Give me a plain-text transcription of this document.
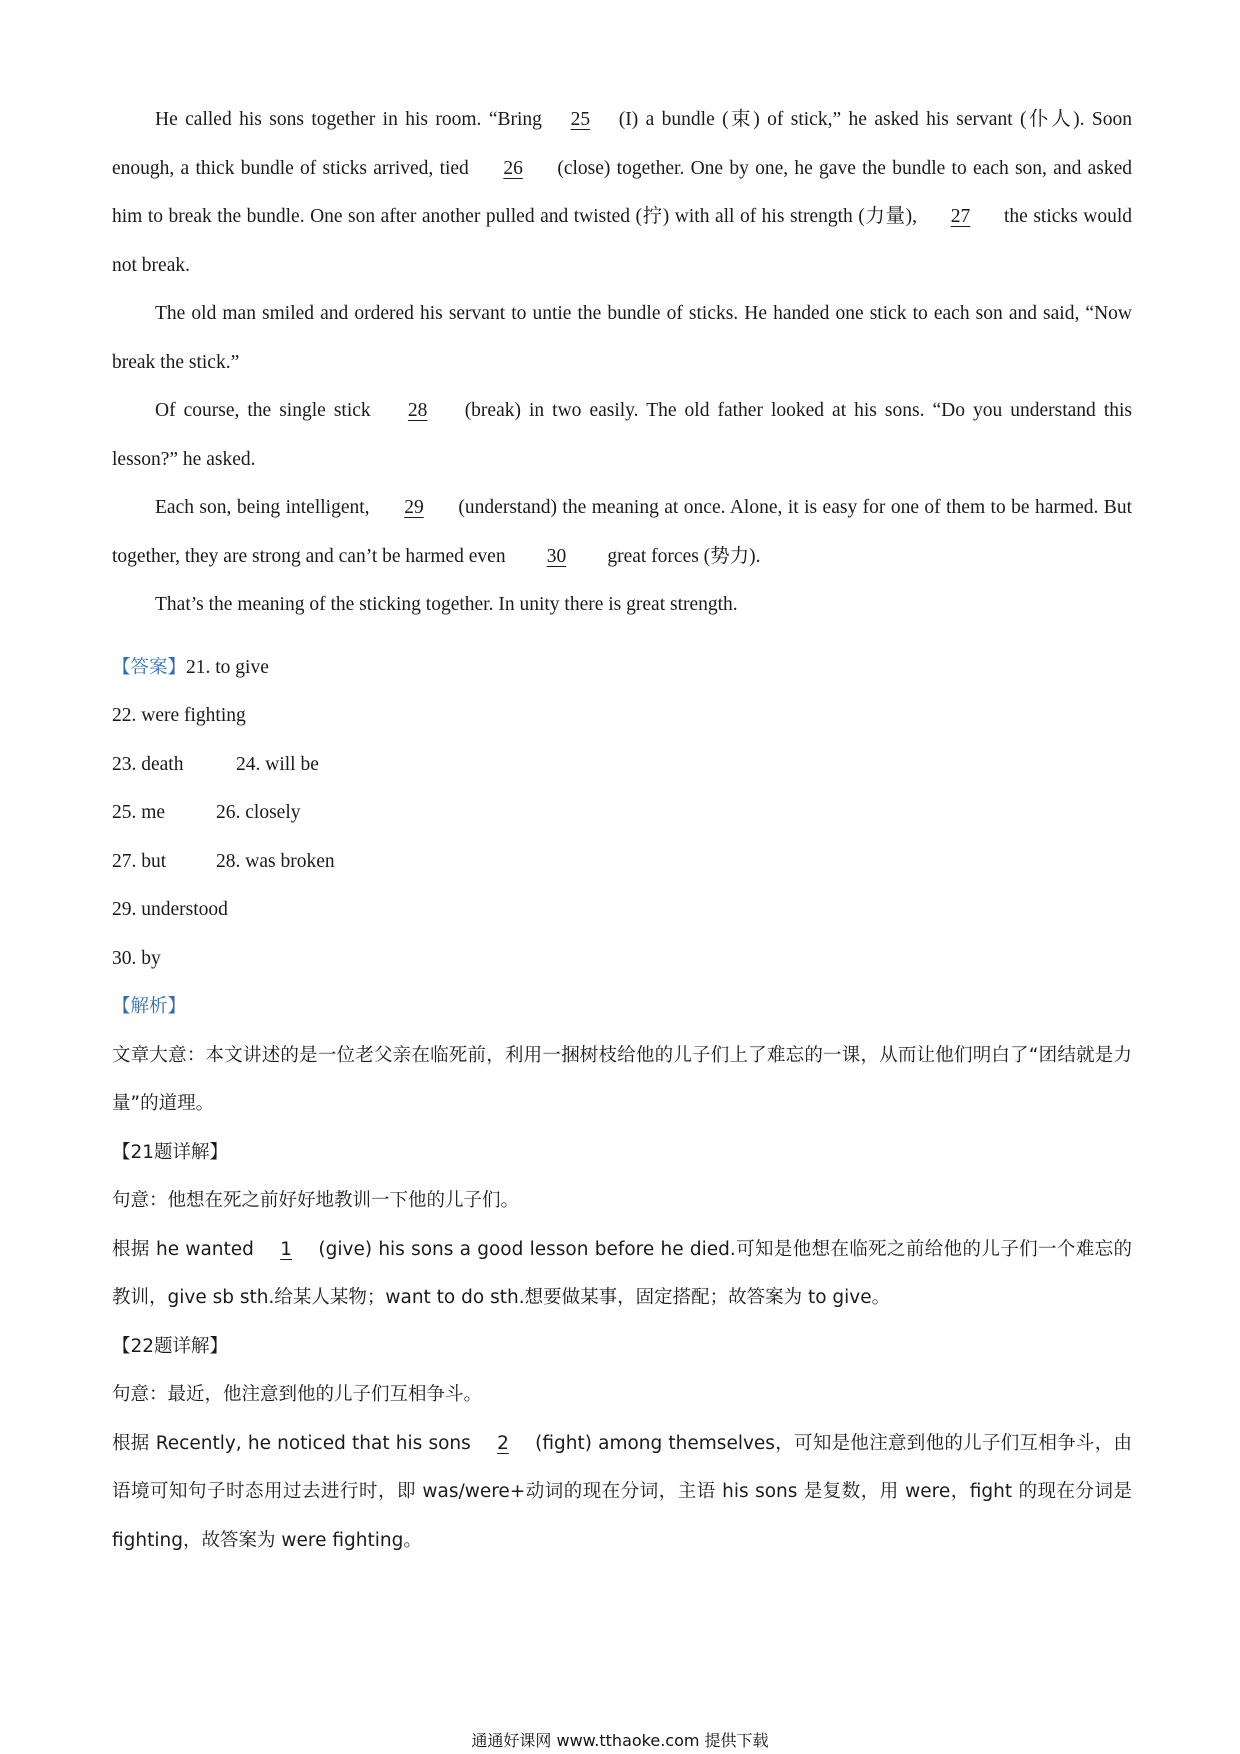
He called his sons together in his room. “Bring 25 (I) a bundle (束) of stick,” he asked his servant (仆人). Soon enough, a thick bundle of sticks arrived, tied 26 (close) together. One by one, he gave the bundle to each son, and asked him to break the bundle. One son after another pulled and twisted (拧) with all of his strength (力量), 27 the sticks would not break.

The old man smiled and ordered his servant to untie the bundle of sticks. He handed one stick to each son and said, “Now break the stick.”

Of course, the single stick 28 (break) in two easily. The old father looked at his sons. “Do you understand this lesson?” he asked.

Each son, being intelligent, 29 (understand) the meaning at once. Alone, it is easy for one of them to be harmed. But together, they are strong and can’t be harmed even 30 great forces (势力).

That’s the meaning of the sticking together. In unity there is great strength.

【答案】21. to give
22. were fighting
23. death	24. will be
25. me	26. closely
27. but	28. was broken
29. understood
30. by

【解析】

文章大意：本文讲述的是一位老父亲在临死前，利用一捆树枝给他的儿子们上了难忘的一课，从而让他们明白了“团结就是力量”的道理。

【21题详解】

句意：他想在死之前好好地教训一下他的儿子们。

根据 he wanted 1 (give) his sons a good lesson before he died.可知是他想在临死之前给他的儿子们一个难忘的教训，give sb sth.给某人某物；want to do sth.想要做某事，固定搭配；故答案为 to give。

【22题详解】

句意：最近，他注意到他的儿子们互相争斗。

根据 Recently, he noticed that his sons 2 (fight) among themselves，可知是他注意到他的儿子们互相争斗，由语境可知句子时态用过去进行时，即 was/were+动词的现在分词，主语 his sons 是复数，用 were，fight 的现在分词是 fighting，故答案为 were fighting。

通通好课网 www.tthaoke.com 提供下载
